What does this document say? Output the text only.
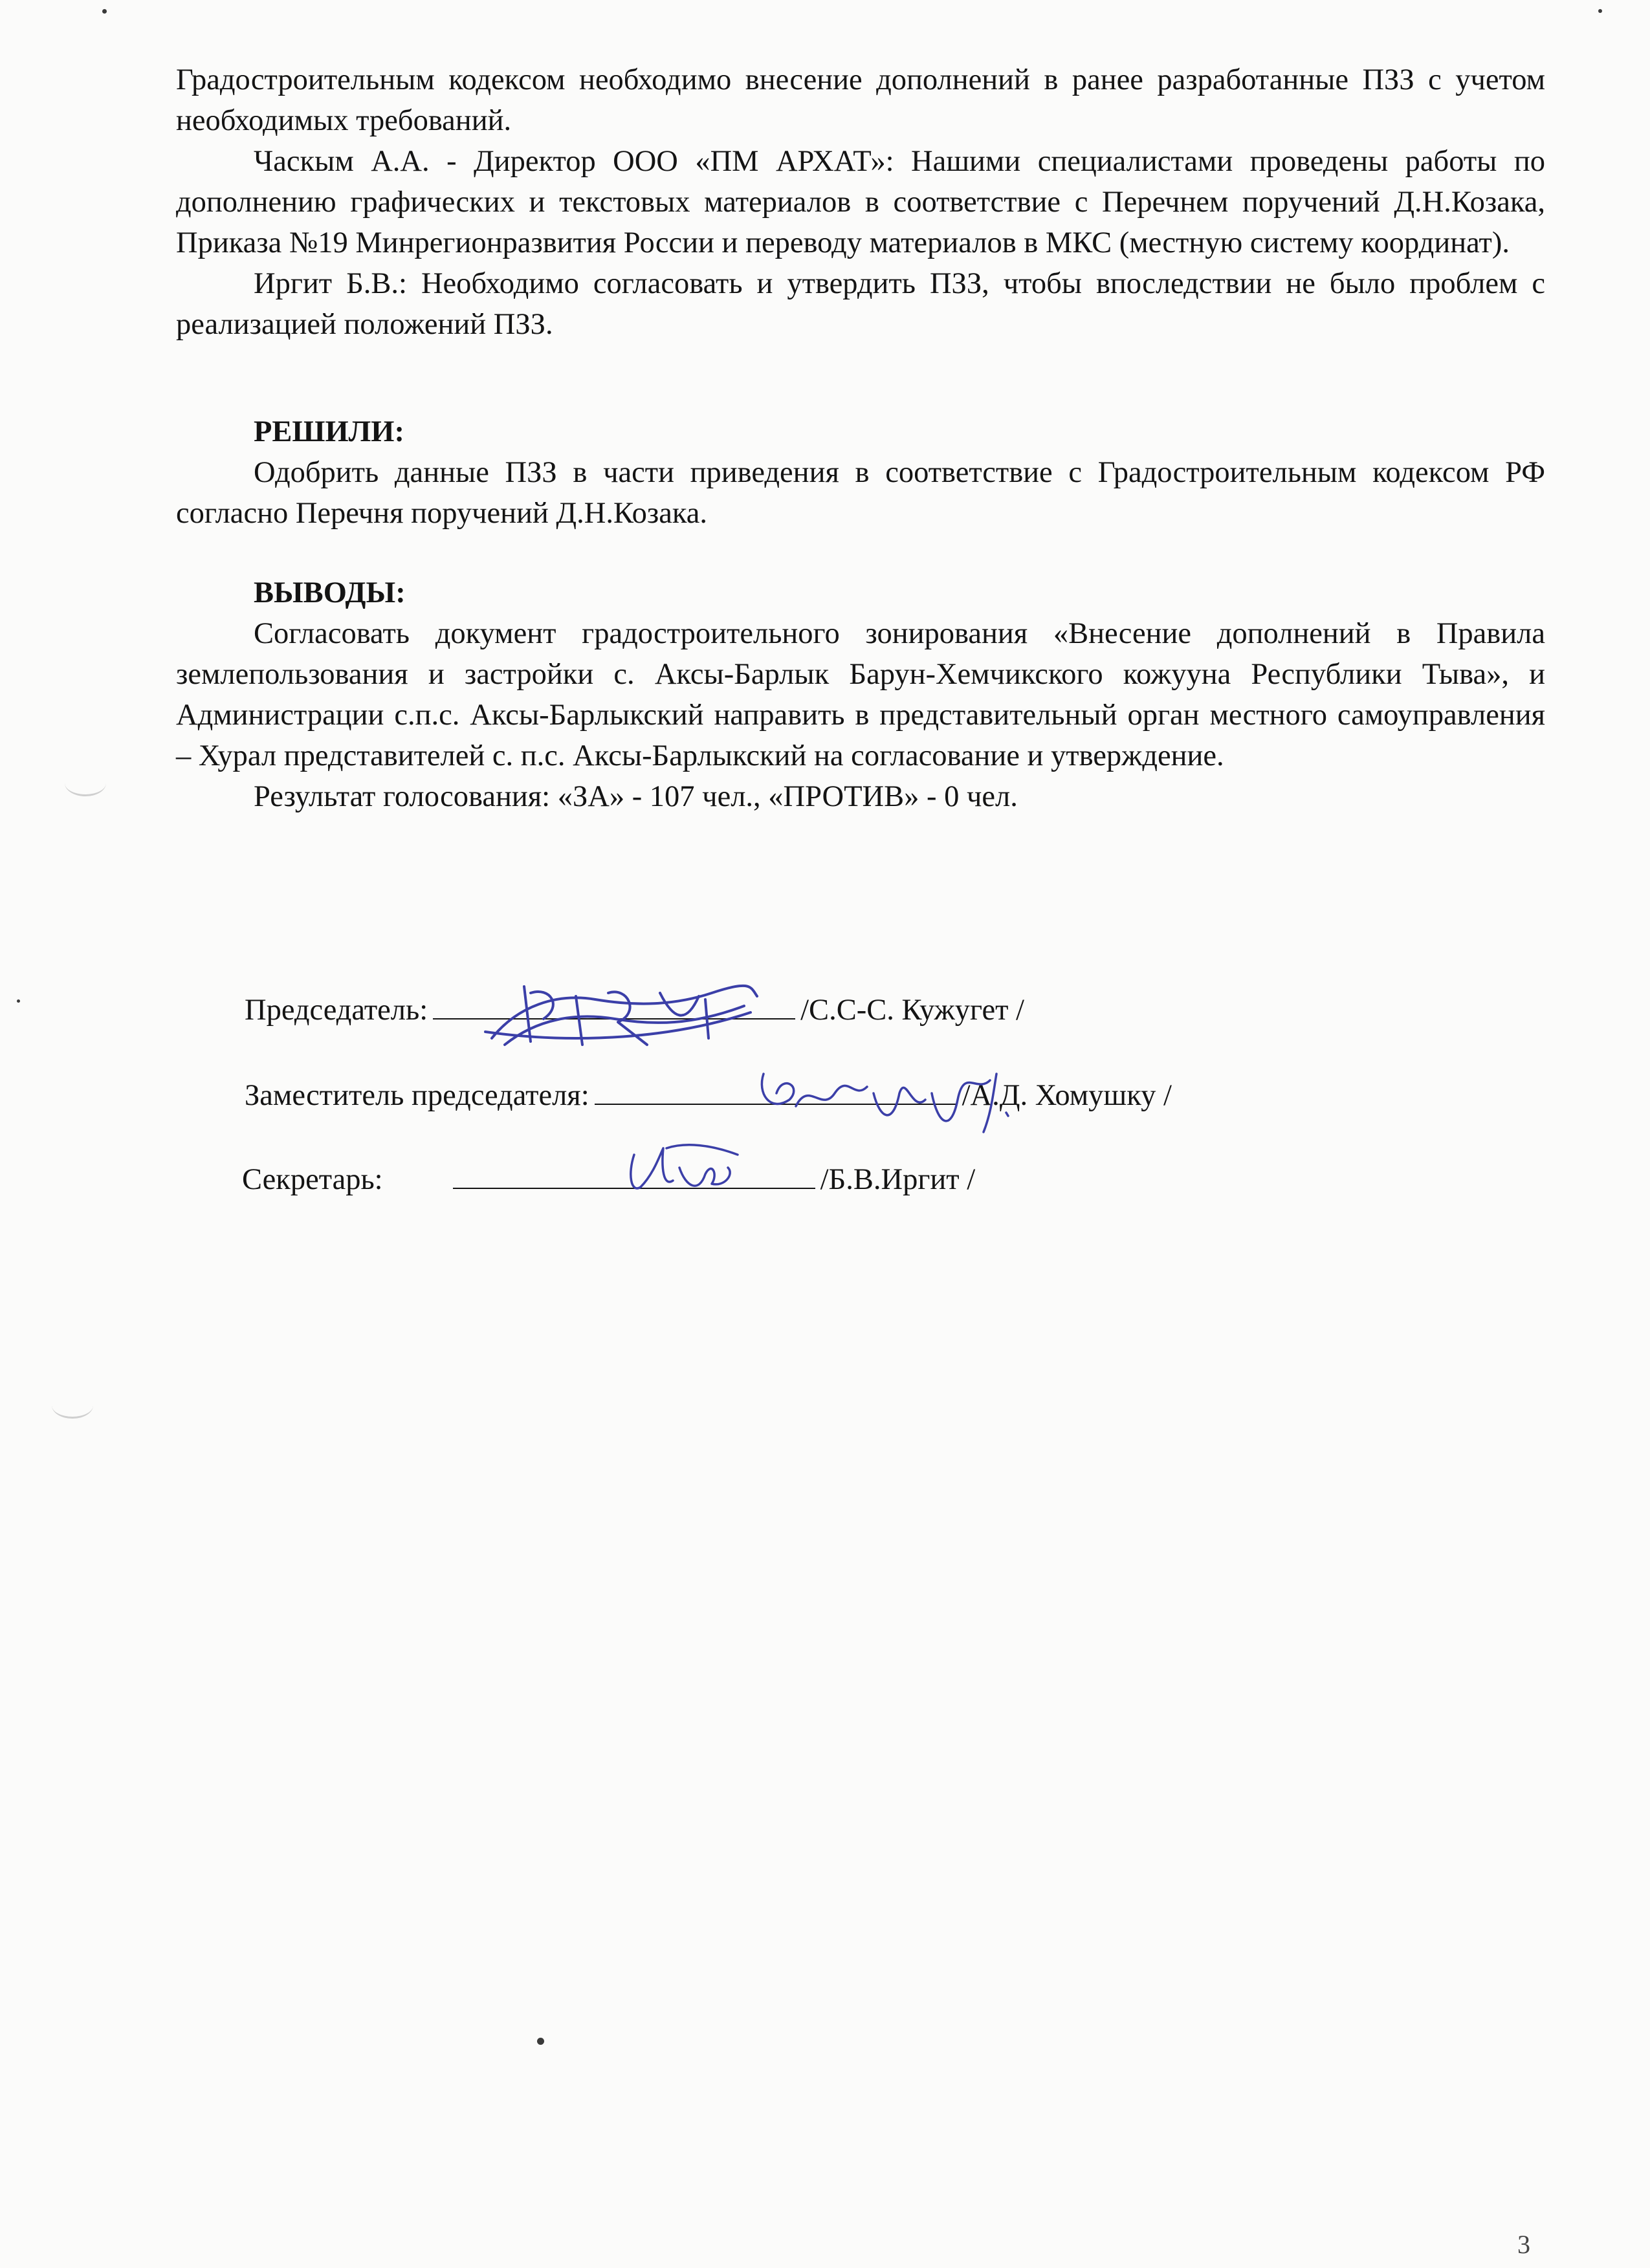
Градостроительным кодексом необходимо внесение дополнений в ранее разработанные ПЗЗ с учетом необходимых требований.

Часкым А.А. - Директор ООО «ПМ АРХАТ»: Нашими специалистами проведены работы по дополнению графических и текстовых материалов в соответствие с Перечнем поручений Д.Н.Козака, Приказа №19 Минрегионразвития России и переводу материалов в МКС (местную систему координат).

Иргит Б.В.: Необходимо согласовать и утвердить ПЗЗ, чтобы впоследствии не было проблем с реализацией положений ПЗЗ.

РЕШИЛИ:

Одобрить данные ПЗЗ в части приведения в соответствие с Градостроительным кодексом РФ согласно Перечня поручений Д.Н.Козака.

ВЫВОДЫ:

Согласовать документ градостроительного зонирования «Внесение дополнений в Правила землепользования и застройки с. Аксы-Барлык Барун-Хемчикского кожууна Республики Тыва», и Администрации с.п.с. Аксы-Барлыкский направить в представительный орган местного самоуправления – Хурал представителей с. п.с. Аксы-Барлыкский на согласование и утверждение.

Результат голосования: «ЗА» - 107 чел., «ПРОТИВ» - 0 чел.

Председатель:	/С.С-С. Кужугет /
Заместитель председателя:	/А.Д. Хомушку /
Секретарь:	/Б.В.Иргит /
3
